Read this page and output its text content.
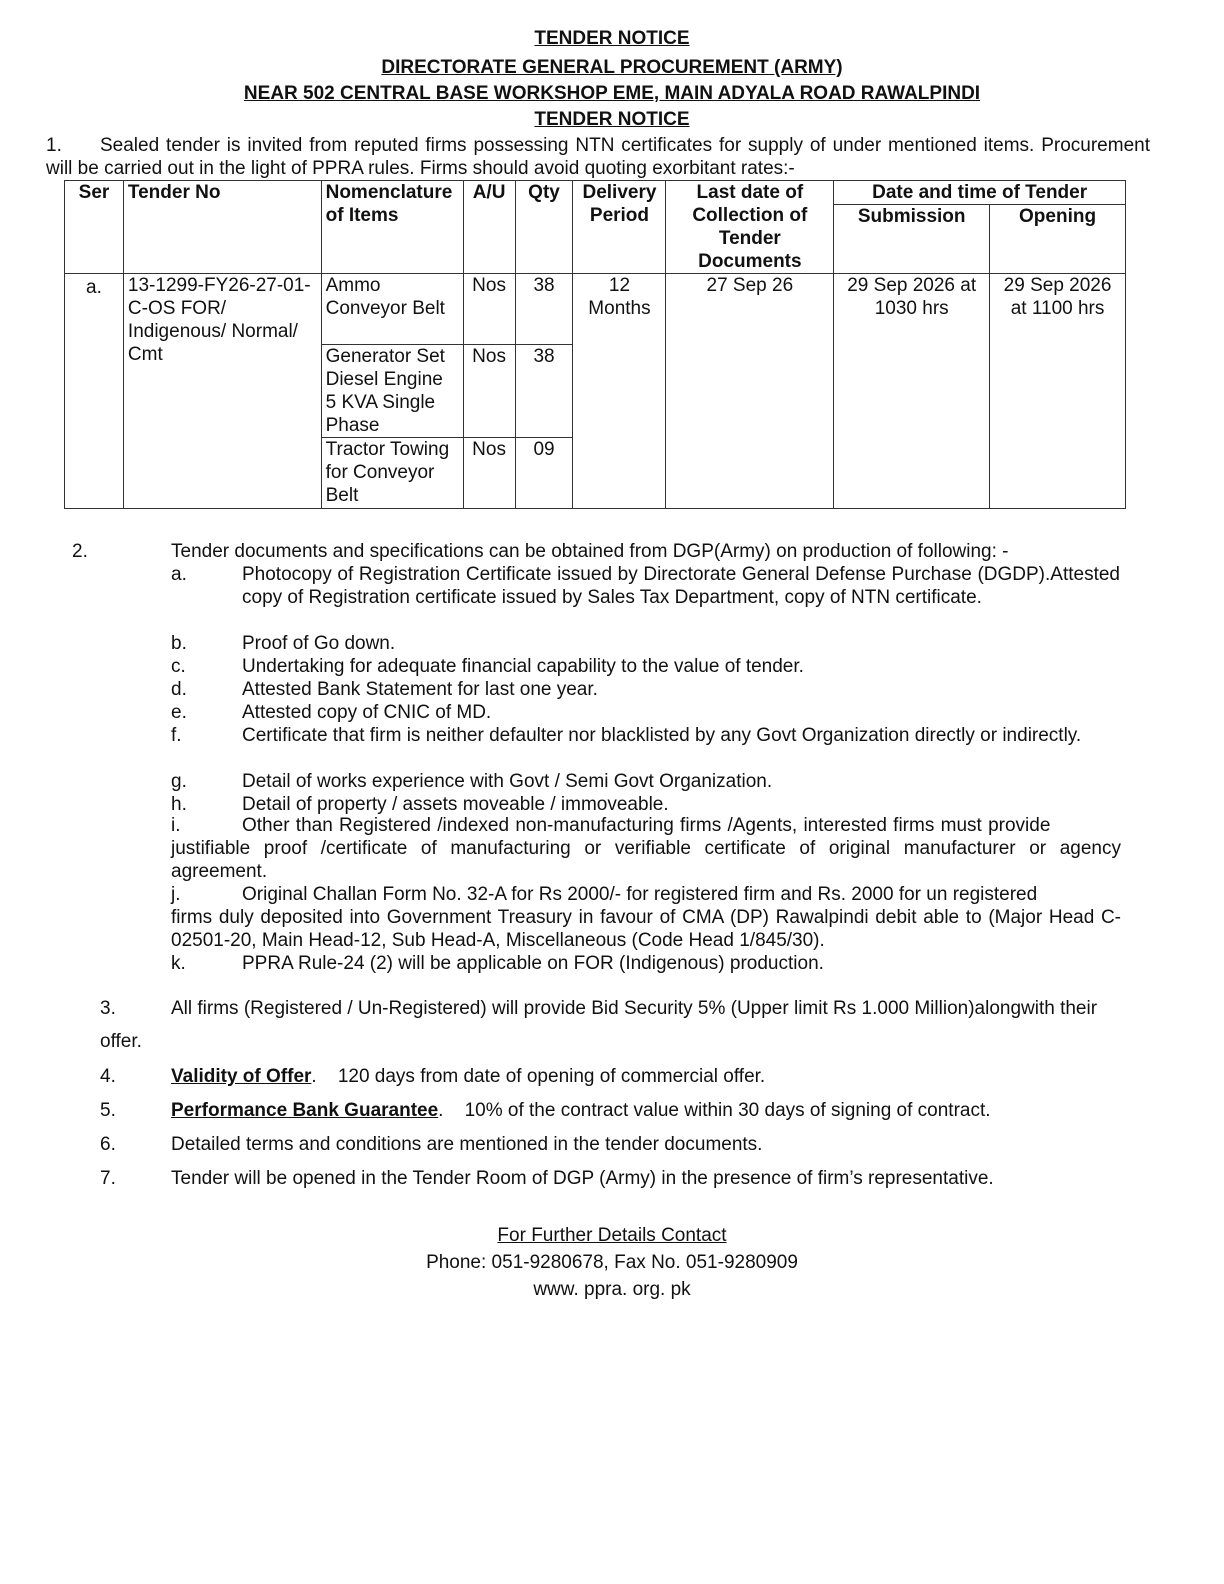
TENDER NOTICE
DIRECTORATE GENERAL PROCUREMENT (ARMY)
NEAR 502 CENTRAL BASE WORKSHOP EME, MAIN ADYALA ROAD RAWALPINDI
TENDER NOTICE
1. Sealed tender is invited from reputed firms possessing NTN certificates for supply of under mentioned items. Procurement will be carried out in the light of PPRA rules. Firms should avoid quoting exorbitant rates:-
Ser	Tender No	Nomenclature of Items	A/U	Qty	Delivery Period	Last date of Collection of Tender Documents	Date and time of Tender	
							Submission	Opening
a.	13-1299-FY26-27-01-C-OS FOR/ Indigenous/ Normal/ Cmt	Ammo Conveyor Belt	Nos	38	12 Months	27 Sep 26	29 Sep 2026 at 1030 hrs	29 Sep 2026 at 1100 hrs
		Generator Set Diesel Engine 5 KVA Single Phase	Nos	38				
		Tractor Towing for Conveyor Belt	Nos	09				
2.	Tender documents and specifications can be obtained from DGP(Army) on production of following: -
a.	Photocopy of Registration Certificate issued by Directorate General Defense Purchase (DGDP).Attested copy of Registration certificate issued by Sales Tax Department, copy of NTN certificate.
b.	Proof of Go down.
c.	Undertaking for adequate financial capability to the value of tender.
d.	Attested Bank Statement for last one year.
e.	Attested copy of CNIC of MD.
f.	Certificate that firm is neither defaulter nor blacklisted by any Govt Organization directly or indirectly.
g.	Detail of works experience with Govt / Semi Govt Organization.
h.	Detail of property / assets moveable / immoveable.
i.	Other than Registered /indexed non-manufacturing firms /Agents, interested firms must provide
justifiable proof /certificate of manufacturing or verifiable certificate of original manufacturer or agency agreement.
j.	Original Challan Form No. 32-A for Rs 2000/- for registered firm and Rs. 2000 for un registered
firms duly deposited into Government Treasury in favour of CMA (DP) Rawalpindi debit able to (Major Head C-02501-20, Main Head-12, Sub Head-A, Miscellaneous (Code Head 1/845/30).
k.	PPRA Rule-24 (2) will be applicable on FOR (Indigenous) production.
3.	All firms (Registered / Un-Registered) will provide Bid Security 5% (Upper limit Rs 1.000 Million)alongwith their
4.	Validity of Offer.    120 days from date of opening of commercial offer.
5.	Performance Bank Guarantee.    10% of the contract value within 30 days of signing of contract.
6.	Detailed terms and conditions are mentioned in the tender documents.
7.	Tender will be opened in the Tender Room of DGP (Army) in the presence of firm’s representative.
offer.
For Further Details Contact
Phone: 051-9280678, Fax No. 051-9280909
www. ppra. org. pk
